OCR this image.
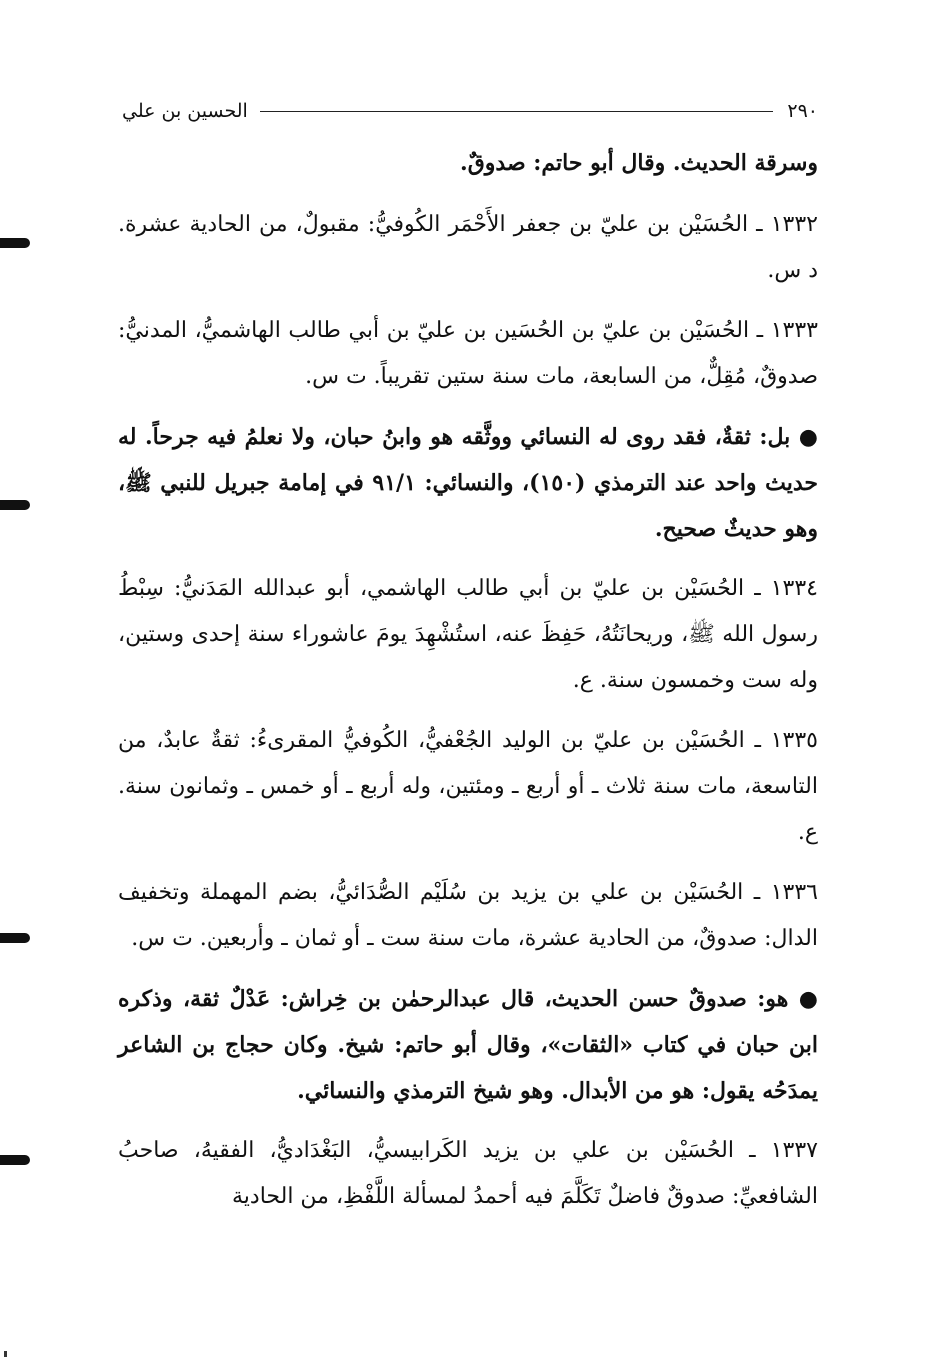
٢٩٠
الحسين بن علي

وسرقة الحديث. وقال أبو حاتم: صدوقٌ.

١٣٣٢ ـ الحُسَيْن بن عليّ بن جعفر الأَحْمَر الكُوفيُّ: مقبولٌ، من الحادية عشرة. د س.

١٣٣٣ ـ الحُسَيْن بن عليّ بن الحُسَين بن عليّ بن أبي طالب الهاشميُّ، المدنيُّ: صدوقٌ، مُقِلٌّ، من السابعة، مات سنة ستين تقريباً. ت س.

● بل: ثقةٌ، فقد روى له النسائي ووثَّقه هو وابنُ حبان، ولا نعلمُ فيه جرحاً. له حديث واحد عند الترمذي (١٥٠)، والنسائي: ٩١/١ في إمامة جبريل للنبي ﷺ، وهو حديثٌ صحيح.

١٣٣٤ ـ الحُسَيْن بن عليّ بن أبي طالب الهاشمي، أبو عبدالله المَدَنيُّ: سِبْطُ رسول الله ﷺ، وريحانَتُهُ، حَفِظَ عنه، استُشْهِدَ يومَ عاشوراء سنة إحدى وستين، وله ست وخمسون سنة. ع.

١٣٣٥ ـ الحُسَيْن بن عليّ بن الوليد الجُعْفيُّ، الكُوفيُّ المقرىءُ: ثقةٌ عابدٌ، من التاسعة، مات سنة ثلاث ـ أو أربع ـ ومئتين، وله أربع ـ أو خمس ـ وثمانون سنة. ع.

١٣٣٦ ـ الحُسَيْن بن علي بن يزيد بن سُلَيْم الصُّدَائيُّ، بضم المهملة وتخفيف الدال: صدوقٌ، من الحادية عشرة، مات سنة ست ـ أو ثمان ـ وأربعين. ت س.

● هو: صدوقٌ حسن الحديث، قال عبدالرحمٰن بن خِراش: عَدْلٌ ثقة، وذكره ابن حبان في كتاب «الثقات»، وقال أبو حاتم: شيخ. وكان حجاج بن الشاعر يمدَحُه يقول: هو من الأبدال. وهو شيخ الترمذي والنسائي.

١٣٣٧ ـ الحُسَيْن بن علي بن يزيد الكَرابيسيُّ، البَغْدَاديُّ، الفقيهُ، صاحبُ الشافعيِّ: صدوقٌ فاضلٌ تَكَلَّمَ فيه أحمدُ لمسألة اللَّفْظِ، من الحادية
